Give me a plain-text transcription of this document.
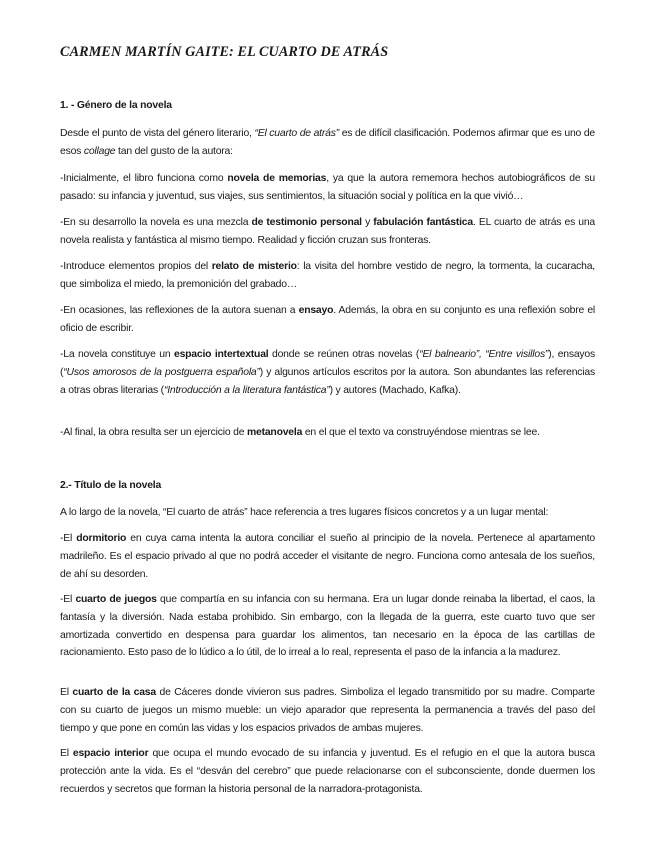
CARMEN MARTÍN GAITE: EL CUARTO DE ATRÁS
1. - Género de la novela

Desde el punto de vista del género literario, “El cuarto de atrás” es de difícil clasificación. Podemos afirmar que es uno de esos collage tan del gusto de la autora:

-Inicialmente, el libro funciona como novela de memorias, ya que la autora rememora hechos autobiográficos de su pasado: su infancia y juventud, sus viajes, sus sentimientos, la situación social y política en la que vivió…

-En su desarrollo la novela es una mezcla de testimonio personal y fabulación fantástica. EL cuarto de atrás es una novela realista y fantástica al mismo tiempo. Realidad y ficción cruzan sus fronteras.

-Introduce elementos propios del relato de misterio: la visita del hombre vestido de negro, la tormenta, la cucaracha, que simboliza el miedo, la premonición del grabado…

-En ocasiones, las reflexiones de la autora suenan a ensayo. Además, la obra en su conjunto es una reflexión sobre el oficio de escribir.

-La novela constituye un espacio intertextual donde se reúnen otras novelas (“El balneario”, “Entre visillos”), ensayos (“Usos amorosos de la postguerra española”) y algunos artículos escritos por la autora. Son abundantes las referencias a otras obras literarias (“Introducción a la literatura fantástica”) y autores (Machado, Kafka).

-Al final, la obra resulta ser un ejercicio de metanovela en el que el texto va construyéndose mientras se lee.

2.- Título de la novela

A lo largo de la novela, “El cuarto de atrás” hace referencia a tres lugares físicos concretos y a un lugar mental:

-El dormitorio en cuya cama intenta la autora conciliar el sueño al principio de la novela. Pertenece al apartamento madrileño. Es el espacio privado al que no podrá acceder el visitante de negro. Funciona como antesala de los sueños, de ahí su desorden.

-El cuarto de juegos que compartía en su infancia con su hermana. Era un lugar donde reinaba la libertad, el caos, la fantasía y la diversión. Nada estaba prohibido. Sin embargo, con la llegada de la guerra, este cuarto tuvo que ser amortizada convertido en despensa para guardar los alimentos, tan necesario en la época de las cartillas de racionamiento. Esto paso de lo lúdico a lo útil, de lo irreal a lo real, representa el paso de la infancia a la madurez.

El cuarto de la casa de Cáceres donde vivieron sus padres. Simboliza el legado transmitido por su madre. Comparte con su cuarto de juegos un mismo mueble: un viejo aparador que representa la permanencia a través del paso del tiempo y que pone en común las vidas y los espacios privados de ambas mujeres.

El espacio interior que ocupa el mundo evocado de su infancia y juventud. Es el refugio en el que la autora busca protección ante la vida. Es el “desván del cerebro” que puede relacionarse con el subconsciente, donde duermen los recuerdos y secretos que forman la historia personal de la narradora-protagonista.
